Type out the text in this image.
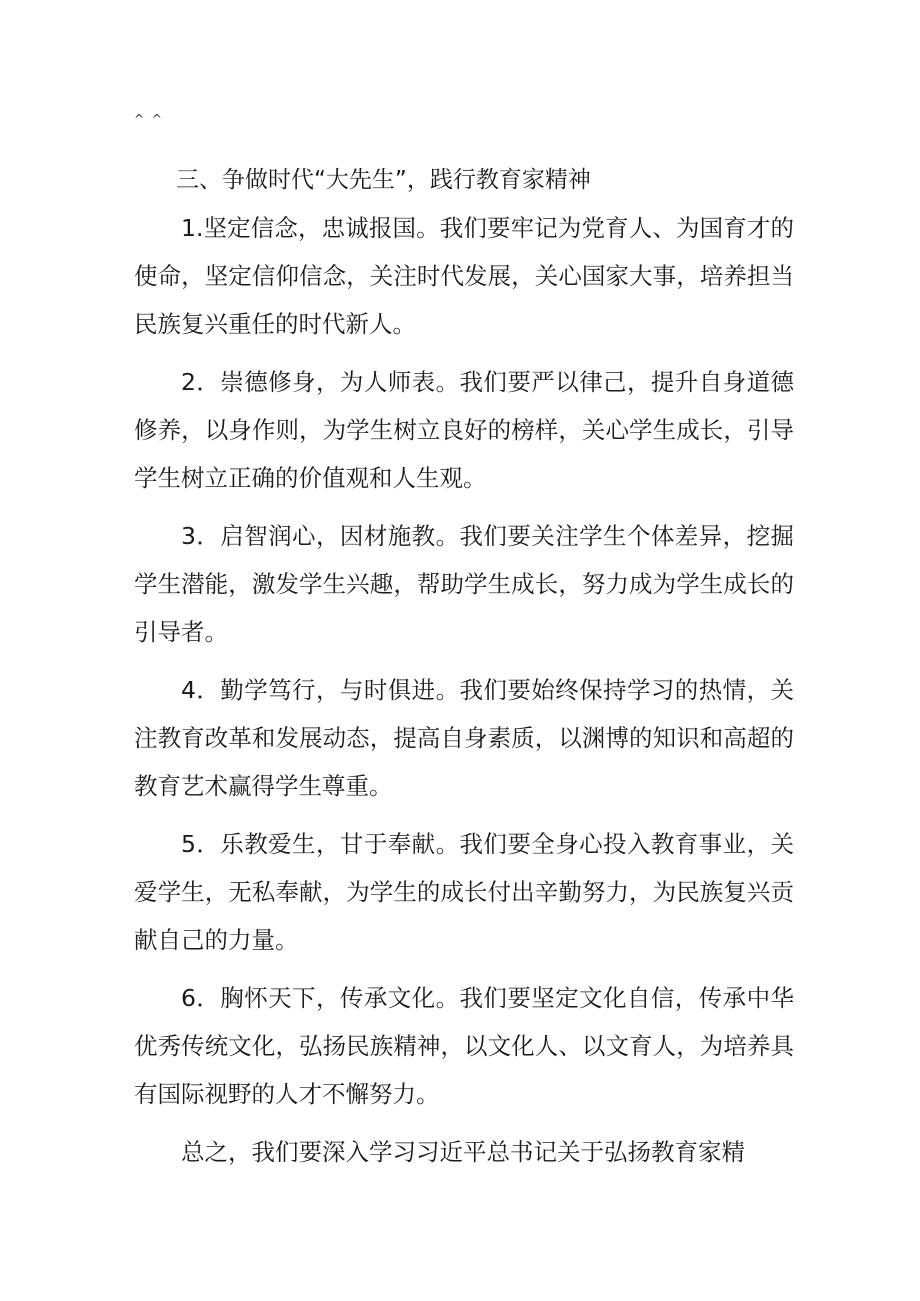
^ ^
三、争做时代“大先生”，践行教育家精神

1.坚定信念，忠诚报国。我们要牢记为党育人、为国育才的使命，坚定信仰信念，关注时代发展，关心国家大事，培养担当民族复兴重任的时代新人。

2．崇德修身，为人师表。我们要严以律己，提升自身道德修养，以身作则，为学生树立良好的榜样，关心学生成长，引导学生树立正确的价值观和人生观。

3．启智润心，因材施教。我们要关注学生个体差异，挖掘学生潜能，激发学生兴趣，帮助学生成长，努力成为学生成长的引导者。

4．勤学笃行，与时俱进。我们要始终保持学习的热情，关注教育改革和发展动态，提高自身素质，以渊博的知识和高超的教育艺术赢得学生尊重。

5．乐教爱生，甘于奉献。我们要全身心投入教育事业，关爱学生，无私奉献，为学生的成长付出辛勤努力，为民族复兴贡献自己的力量。

6．胸怀天下，传承文化。我们要坚定文化自信，传承中华优秀传统文化，弘扬民族精神，以文化人、以文育人，为培养具有国际视野的人才不懈努力。

总之，我们要深入学习习近平总书记关于弘扬教育家精
